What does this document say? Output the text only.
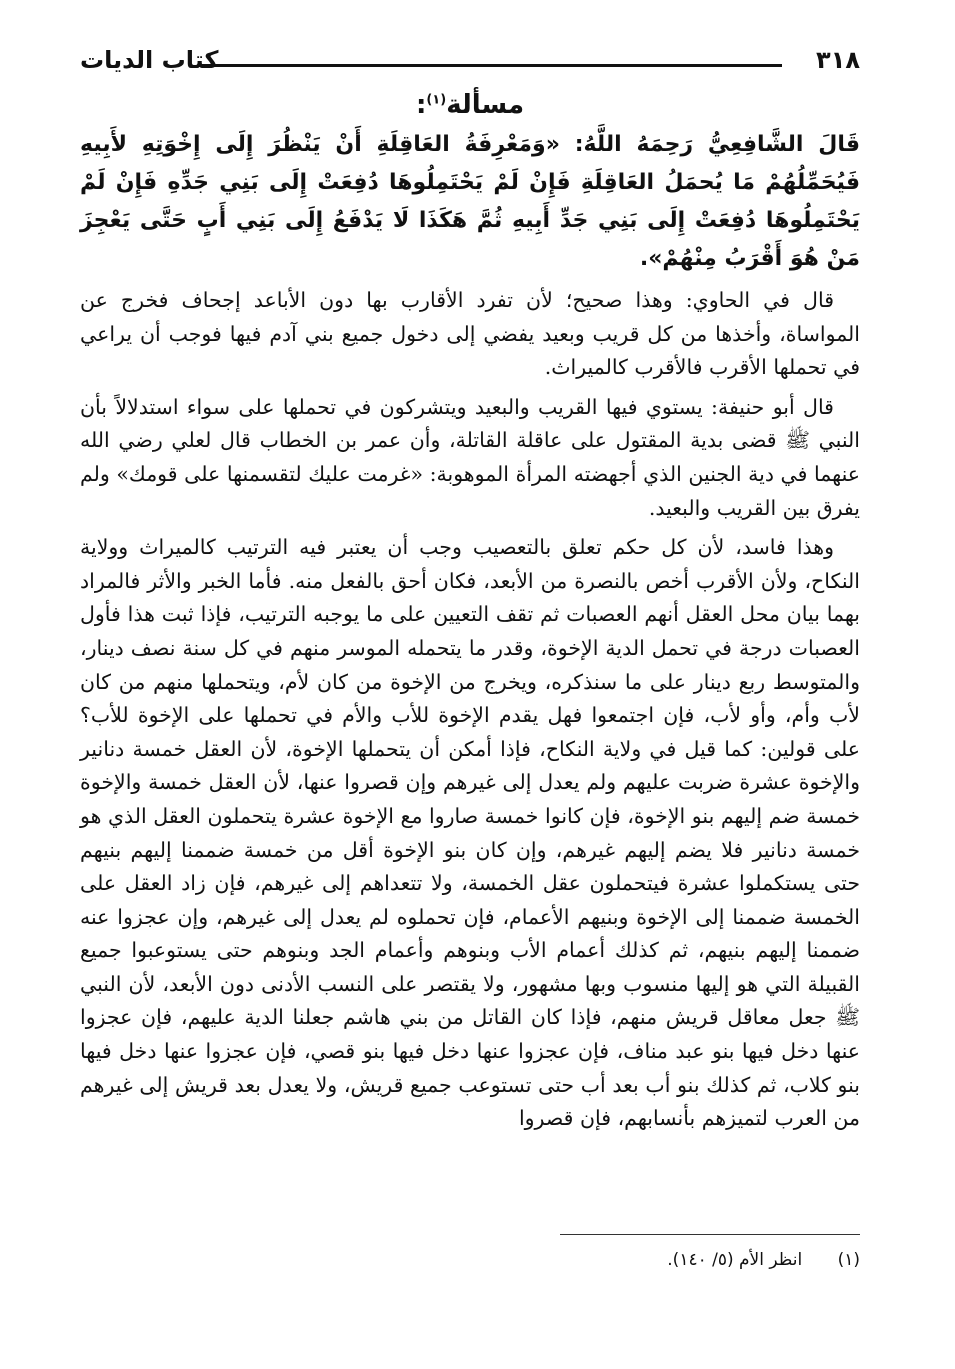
٣١٨
كتاب الديات
مسألة$^{(١)}$:
قَالَ الشَّافِعِيُّ رَحِمَهُ اللَّهُ: «وَمَعْرِفَةُ العَاقِلَةِ أَنْ يَنْظُرَ إِلَى إِخْوَتِهِ لأَبِيهِ فَيُحَمِّلُهُمْ مَا يُحمَلُ العَاقِلَةِ فَإِنْ لَمْ يَحْتَمِلُوهَا دُفِعَتْ إِلَى بَنِي جَدِّهِ فَإِنْ لَمْ يَحْتَمِلُوهَا دُفِعَتْ إِلَى بَنِي جَدِّ أَبِيهِ ثُمَّ هَكَذَا لَا يَدْفَعُ إِلَى بَنِي أَبٍ حَتَّى يَعْجِزَ مَنْ هُوَ أَقْرَبُ مِنْهُمْ».

قال في الحاوي: وهذا صحيح؛ لأن تفرد الأقارب بها دون الأباعد إجحاف فخرج عن المواساة، وأخذها من كل قريب وبعيد يفضي إلى دخول جميع بني آدم فيها فوجب أن يراعي في تحملها الأقرب فالأقرب كالميراث.

قال أبو حنيفة: يستوي فيها القريب والبعيد ويتشركون في تحملها على سواء استدلالاً بأن النبي ﷺ قضى بدية المقتول على عاقلة القاتلة، وأن عمر بن الخطاب قال لعلي رضي الله عنهما في دية الجنين الذي أجهضته المرأة الموهوبة: «غرمت عليك لتقسمنها على قومك» ولم يفرق بين القريب والبعيد.

وهذا فاسد، لأن كل حكم تعلق بالتعصيب وجب أن يعتبر فيه الترتيب كالميراث وولاية النكاح، ولأن الأقرب أخص بالنصرة من الأبعد، فكان أحق بالفعل منه. فأما الخبر والأثر فالمراد بهما بيان محل العقل أنهم العصبات ثم تقف التعيين على ما يوجبه الترتيب، فإذا ثبت هذا فأول العصبات درجة في تحمل الدية الإخوة، وقدر ما يتحمله الموسر منهم في كل سنة نصف دينار، والمتوسط ربع دينار على ما سنذكره، ويخرج من الإخوة من كان لأم، ويتحملها منهم من كان لأب وأم، وأو لأب، فإن اجتمعوا فهل يقدم الإخوة للأب والأم في تحملها على الإخوة للأب؟ على قولين: كما قيل في ولاية النكاح، فإذا أمكن أن يتحملها الإخوة، لأن العقل خمسة دنانير والإخوة عشرة ضربت عليهم ولم يعدل إلى غيرهم وإن قصروا عنها، لأن العقل خمسة والإخوة خمسة ضم إليهم بنو الإخوة، فإن كانوا خمسة صاروا مع الإخوة عشرة يتحملون العقل الذي هو خمسة دنانير فلا يضم إليهم غيرهم، وإن كان بنو الإخوة أقل من خمسة ضممنا إليهم بنيهم حتى يستكملوا عشرة فيتحملون عقل الخمسة، ولا تتعداهم إلى غيرهم، فإن زاد العقل على الخمسة ضممنا إلى الإخوة وبنيهم الأعمام، فإن تحملوه لم يعدل إلى غيرهم، وإن عجزوا عنه ضممنا إليهم بنيهم، ثم كذلك أعمام الأب وبنوهم وأعمام الجد وبنوهم حتى يستوعبوا جميع القبيلة التي هو إليها منسوب وبها مشهور، ولا يقتصر على النسب الأدنى دون الأبعد، لأن النبي ﷺ جعل معاقل قريش منهم، فإذا كان القاتل من بني هاشم جعلنا الدية عليهم، فإن عجزوا عنها دخل فيها بنو عبد مناف، فإن عجزوا عنها دخل فيها بنو قصي، فإن عجزوا عنها دخل فيها بنو كلاب، ثم كذلك بنو أب بعد أب حتى تستوعب جميع قريش، ولا يعدل بعد قريش إلى غيرهم من العرب لتميزهم بأنسابهم، فإن قصروا

(١) انظر الأم (٥/ ١٤٠).
